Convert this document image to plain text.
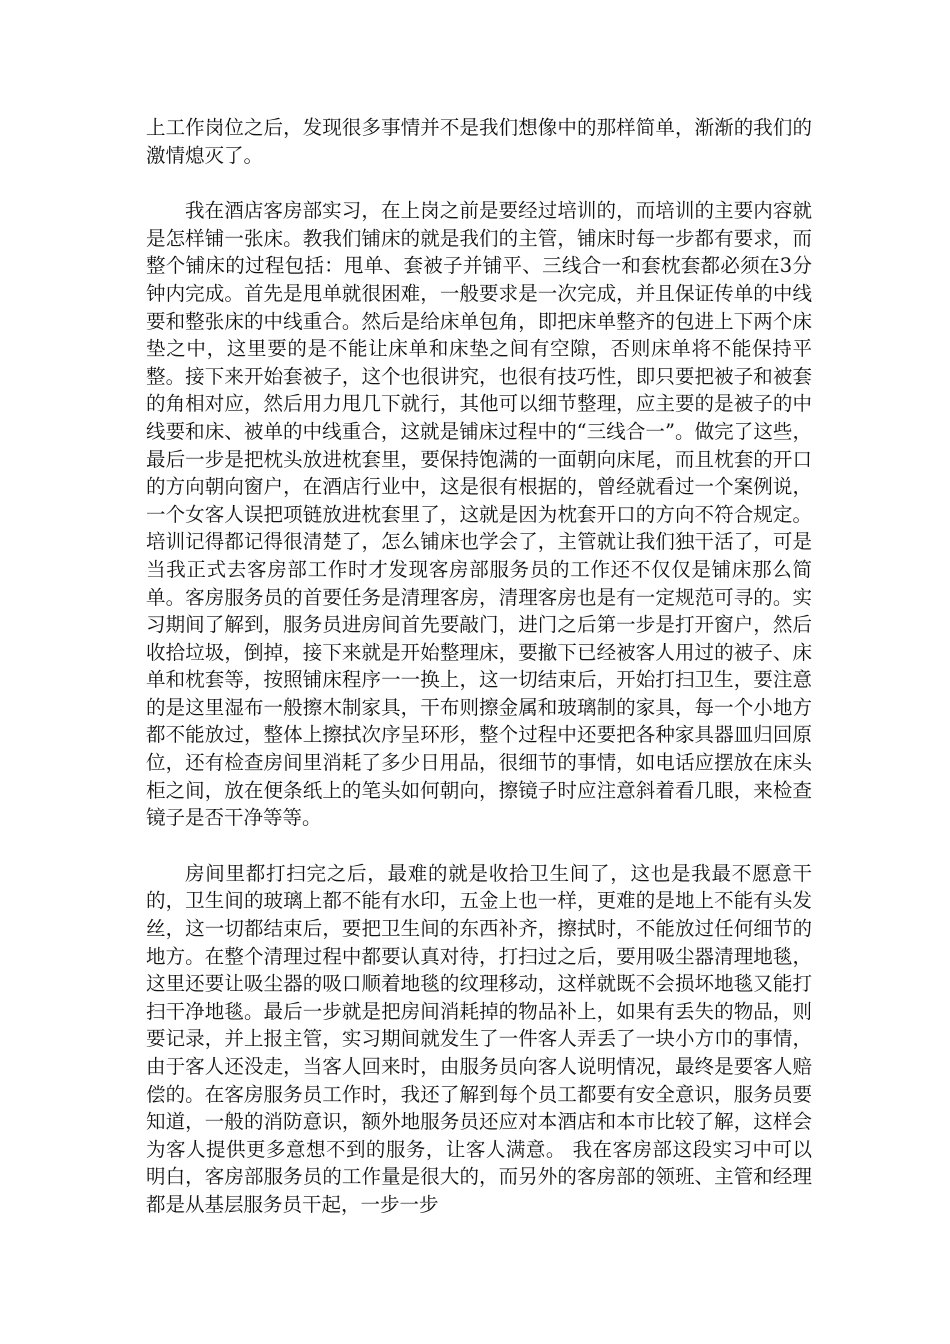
上工作岗位之后，发现很多事情并不是我们想像中的那样简单，渐渐的我们的激情熄灭了。

我在酒店客房部实习，在上岗之前是要经过培训的，而培训的主要内容就是怎样铺一张床。教我们铺床的就是我们的主管，铺床时每一步都有要求，而整个铺床的过程包括：甩单、套被子并铺平、三线合一和套枕套都必须在3分钟内完成。首先是甩单就很困难，一般要求是一次完成，并且保证传单的中线要和整张床的中线重合。然后是给床单包角，即把床单整齐的包进上下两个床垫之中，这里要的是不能让床单和床垫之间有空隙，否则床单将不能保持平整。接下来开始套被子，这个也很讲究，也很有技巧性，即只要把被子和被套的角相对应，然后用力甩几下就行，其他可以细节整理，应主要的是被子的中线要和床、被单的中线重合，这就是铺床过程中的“三线合一”。做完了这些，最后一步是把枕头放进枕套里，要保持饱满的一面朝向床尾，而且枕套的开口的方向朝向窗户，在酒店行业中，这是很有根据的，曾经就看过一个案例说，一个女客人误把项链放进枕套里了，这就是因为枕套开口的方向不符合规定。培训记得都记得很清楚了，怎么铺床也学会了，主管就让我们独干活了，可是当我正式去客房部工作时才发现客房部服务员的工作还不仅仅是铺床那么简单。客房服务员的首要任务是清理客房，清理客房也是有一定规范可寻的。实习期间了解到，服务员进房间首先要敲门，进门之后第一步是打开窗户，然后收拾垃圾，倒掉，接下来就是开始整理床，要撤下已经被客人用过的被子、床单和枕套等，按照铺床程序一一换上，这一切结束后，开始打扫卫生，要注意的是这里湿布一般擦木制家具，干布则擦金属和玻璃制的家具，每一个小地方都不能放过，整体上擦拭次序呈环形，整个过程中还要把各种家具器皿归回原位，还有检查房间里消耗了多少日用品，很细节的事情，如电话应摆放在床头柜之间，放在便条纸上的笔头如何朝向，擦镜子时应注意斜着看几眼，来检查镜子是否干净等等。

房间里都打扫完之后，最难的就是收拾卫生间了，这也是我最不愿意干的，卫生间的玻璃上都不能有水印，五金上也一样，更难的是地上不能有头发丝，这一切都结束后，要把卫生间的东西补齐，擦拭时，不能放过任何细节的地方。在整个清理过程中都要认真对待，打扫过之后，要用吸尘器清理地毯，这里还要让吸尘器的吸口顺着地毯的纹理移动，这样就既不会损坏地毯又能打扫干净地毯。最后一步就是把房间消耗掉的物品补上，如果有丢失的物品，则要记录，并上报主管，实习期间就发生了一件客人弄丢了一块小方巾的事情，由于客人还没走，当客人回来时，由服务员向客人说明情况，最终是要客人赔偿的。在客房服务员工作时，我还了解到每个员工都要有安全意识，服务员要知道，一般的消防意识，额外地服务员还应对本酒店和本市比较了解，这样会为客人提供更多意想不到的服务，让客人满意。 我在客房部这段实习中可以明白，客房部服务员的工作量是很大的，而另外的客房部的领班、主管和经理都是从基层服务员干起，一步一步
